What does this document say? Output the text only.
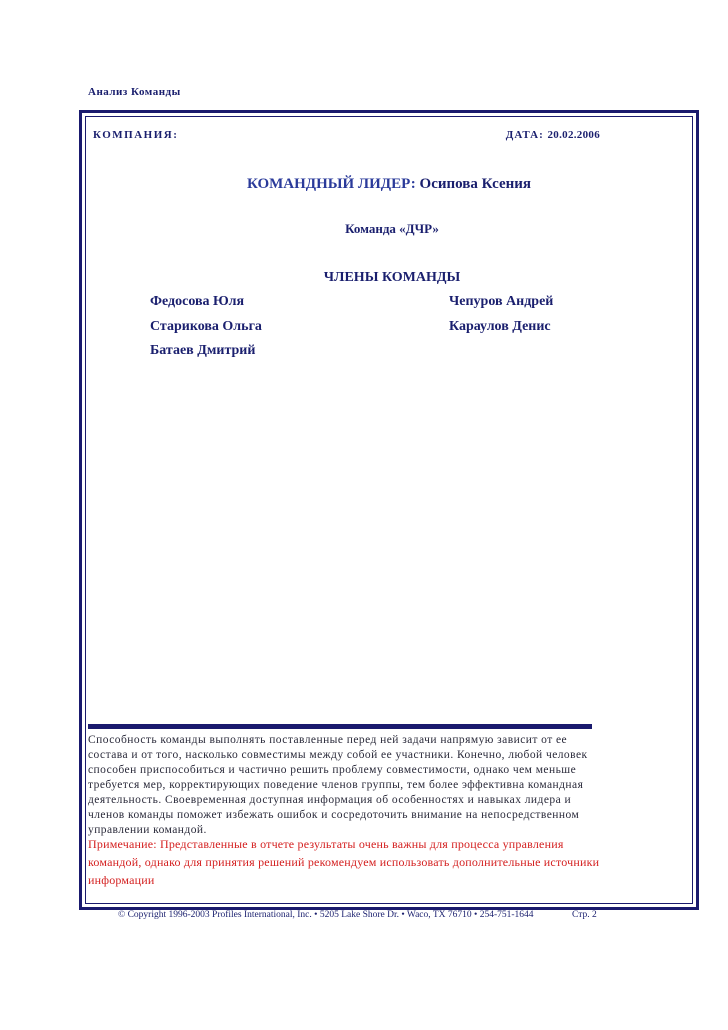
Анализ Команды
КОМПАНИЯ:	ДАТА: 20.02.2006
КОМАНДНЫЙ ЛИДЕР: Осипова Ксения
Команда «ДЧР»
ЧЛЕНЫ КОМАНДЫ
Федосова Юля	Чепуров Андрей
Старикова Ольга	Караулов Денис
Батаев Дмитрий
Способность команды выполнять поставленные перед ней задачи напрямую зависит от ее состава и от того, насколько совместимы между собой ее участники. Конечно, любой человек способен приспособиться и частично решить проблему совместимости, однако чем меньше требуется мер, корректирующих поведение членов группы, тем более эффективна командная деятельность. Своевременная доступная информация об особенностях и навыках лидера и членов команды поможет избежать ошибок и сосредоточить внимание на непосредственном управлении командой.
Примечание: Представленные в отчете результаты очень важны для процесса управления командой, однако для принятия решений рекомендуем использовать дополнительные источники информации
© Copyright 1996-2003 Profiles International, Inc. • 5205 Lake Shore Dr. • Waco, TX 76710 • 254-751-1644	Стр. 2
